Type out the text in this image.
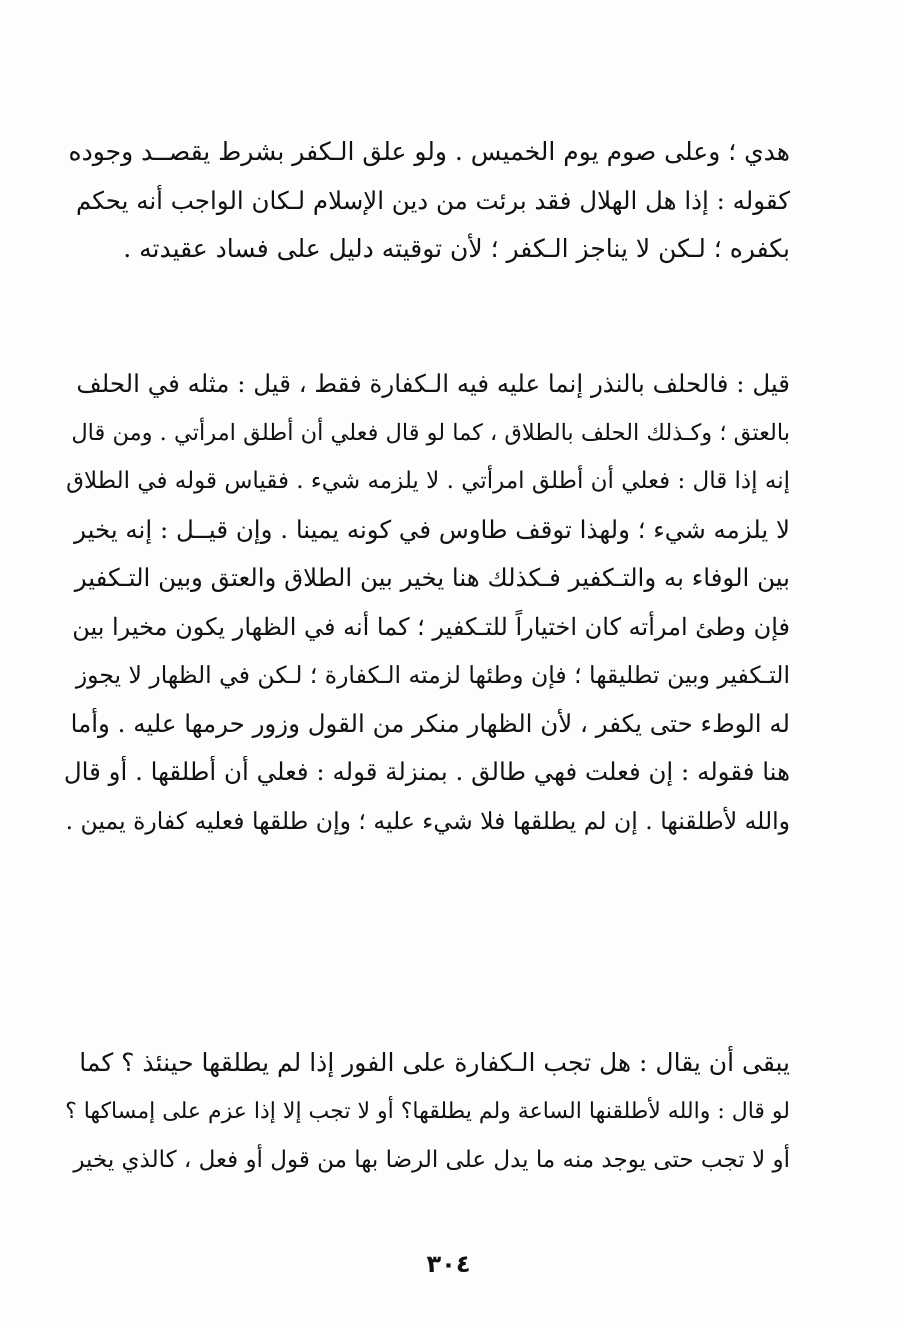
هدي ؛ وعلى صوم يوم الخميس . ولو علق الـكفر بشرط يقصــد وجوده
كقوله : إذا هل الهلال فقد برئت من دين الإسلام لـكان الواجب أنه يحكم
بكفره ؛ لـكن لا يناجز الـكفر ؛ لأن توقيته دليل على فساد عقيدته .
قيل : فالحلف بالنذر إنما عليه فيه الـكفارة فقط ، قيل : مثله في الحلف
بالعتق ؛ وكـذلك الحلف بالطلاق ، كما لو قال فعلي أن أطلق امرأتي . ومن قال
إنه إذا قال : فعلي أن أطلق امرأتي . لا يلزمه شيء . فقياس قوله في الطلاق
لا يلزمه شيء ؛ ولهذا توقف طاوس في كونه يمينا . وإن قيــل : إنه يخير
بين الوفاء به والتـكفير فـكذلك هنا يخير بين الطلاق والعتق وبين التـكفير
فإن وطئ امرأته كان اختياراً للتـكفير ؛ كما أنه في الظهار يكون مخيرا بين
التـكفير وبين تطليقها ؛ فإن وطئها لزمته الـكفارة ؛ لـكن في الظهار لا يجوز
له الوطء حتى يكفر ، لأن الظهار منكر من القول وزور حرمها عليه . وأما
هنا فقوله : إن فعلت فهي طالق . بمنزلة قوله : فعلي أن أطلقها . أو قال
والله لأطلقنها . إن لم يطلقها فلا شيء عليه ؛ وإن طلقها فعليه كفارة يمين .
يبقى أن يقال : هل تجب الـكفارة على الفور إذا لم يطلقها حينئذ ؟ كما
لو قال : والله لأطلقنها الساعة ولم يطلقها؟ أو لا تجب إلا إذا عزم على إمساكها ؟
أو لا تجب حتى يوجد منه ما يدل على الرضا بها من قول أو فعل ، كالذي يخير
٣٠٤
